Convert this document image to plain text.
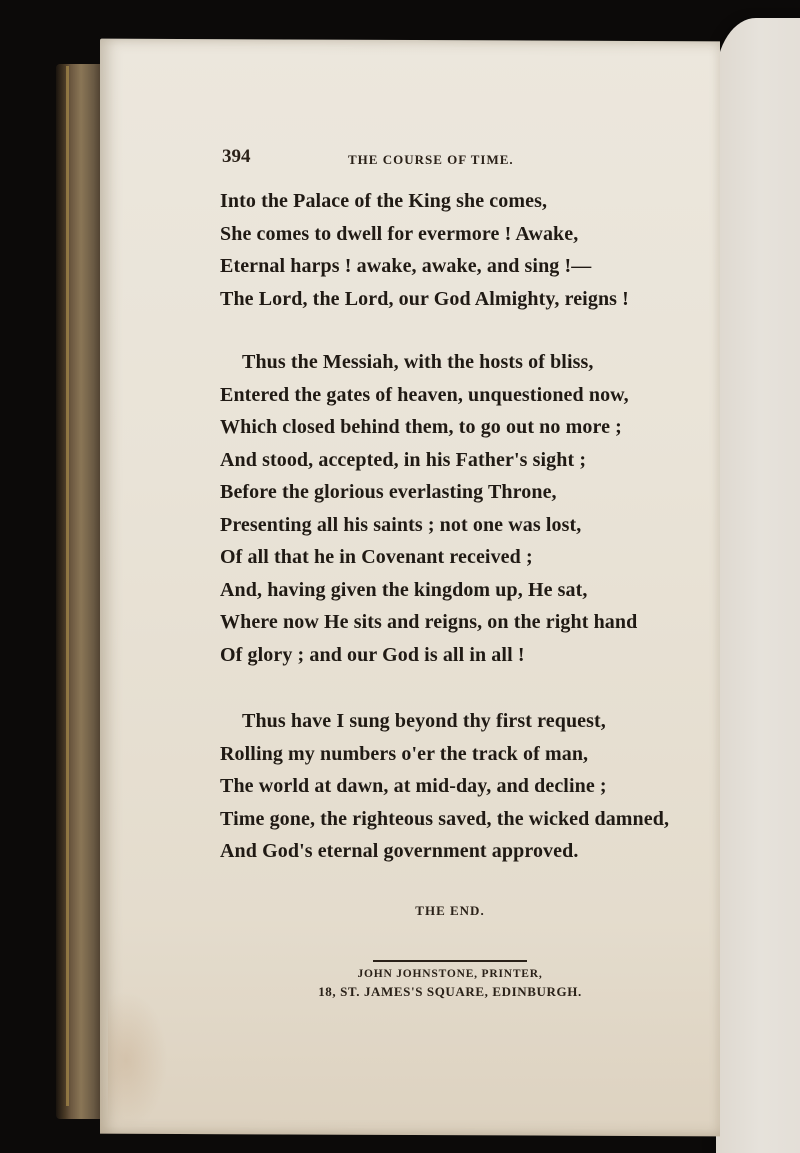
394	THE COURSE OF TIME.
Into the Palace of the King she comes,
She comes to dwell for evermore ! Awake,
Eternal harps ! awake, awake, and sing !—
The Lord, the Lord, our God Almighty, reigns !
Thus the Messiah, with the hosts of bliss,
Entered the gates of heaven, unquestioned now,
Which closed behind them, to go out no more ;
And stood, accepted, in his Father's sight ;
Before the glorious everlasting Throne,
Presenting all his saints ; not one was lost,
Of all that he in Covenant received ;
And, having given the kingdom up, He sat,
Where now He sits and reigns, on the right hand
Of glory ; and our God is all in all !
Thus have I sung beyond thy first request,
Rolling my numbers o'er the track of man,
The world at dawn, at mid-day, and decline ;
Time gone, the righteous saved, the wicked damned,
And God's eternal government approved.
THE END.
JOHN JOHNSTONE, PRINTER,
18, ST. JAMES'S SQUARE, EDINBURGH.
